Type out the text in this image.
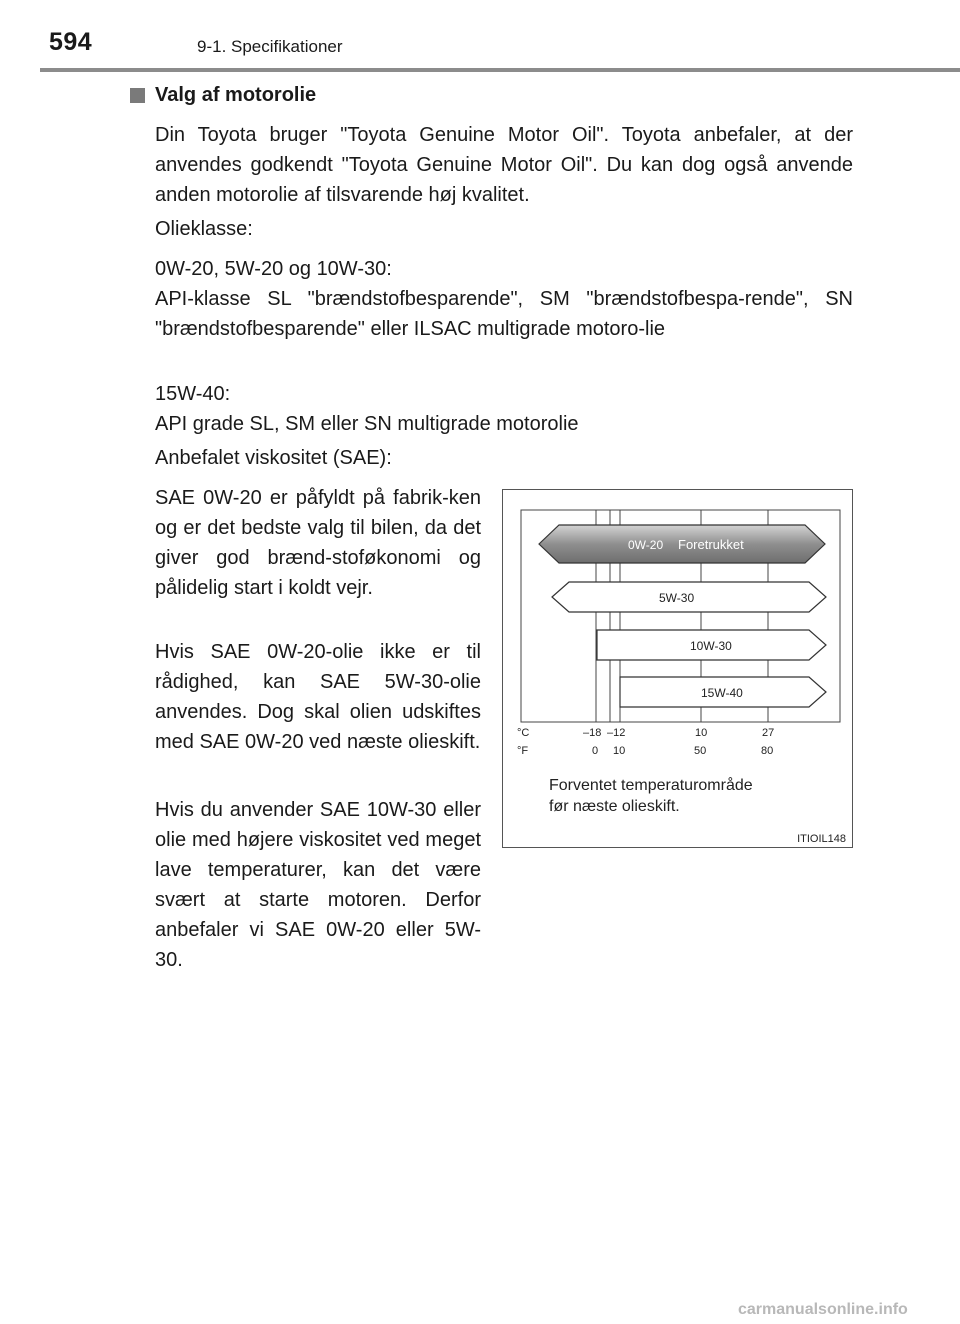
594	9-1. Specifikationer
Valg af motorolie

Din Toyota bruger "Toyota Genuine Motor Oil". Toyota anbefaler, at der anvendes godkendt "Toyota Genuine Motor Oil". Du kan dog også anvende anden motorolie af tilsvarende høj kvalitet.

Olieklasse:

0W-20, 5W-20 og 10W-30:

API-klasse SL "brændstofbesparende", SM "brændstofbespa-rende", SN "brændstofbesparende" eller ILSAC multigrade motoro-lie

15W-40:

API grade SL, SM eller SN multigrade motorolie

Anbefalet viskositet (SAE):

SAE 0W-20 er påfyldt på fabrik-ken og er det bedste valg til bilen, da det giver god brænd-stoføkonomi og pålidelig start i koldt vejr.

Hvis SAE 0W-20-olie ikke er til rådighed, kan SAE 5W-30-olie anvendes. Dog skal olien udskiftes med SAE 0W-20 ved næste olieskift.

Hvis du anvender SAE 10W-30 eller olie med højere viskositet ved meget lave temperaturer, kan det være svært at starte motoren. Derfor anbefaler vi SAE 0W-20 eller 5W-30.

0W-20 Foretrukket
5W-30
10W-30
15W-40
°C
°F
–18 –12	10	27
0 10	50	80
Forventet temperaturområde
før næste olieskift.
ITIOIL148
carmanualsonline.info
